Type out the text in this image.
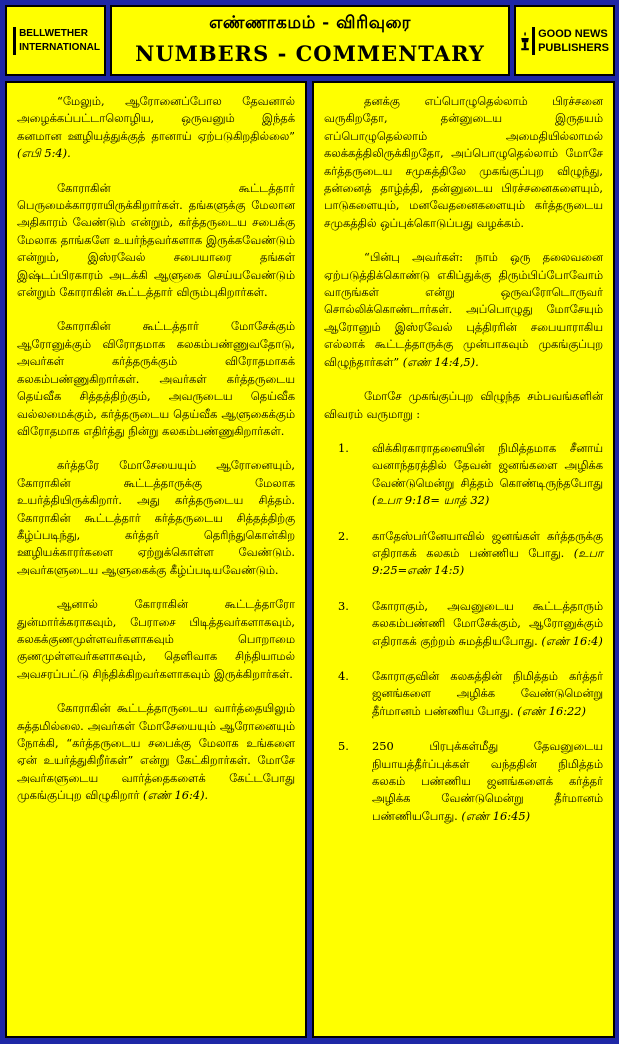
BELLWETHER
INTERNATIONAL
எண்ணாகமம் - விரிவுரை
NUMBERS - COMMENTARY
GOOD NEWS
PUBLISHERS

“மேலும், ஆரோனைப்போல தேவனால் அழைக்கப்பட்டாலொழிய, ஒருவனும் இந்தக் கனமான ஊழியத்துக்குத் தானாய் ஏற்படுகிறதில்லை” (எபி 5:4).

கோராகின் கூட்டத்தார் பெருமைக்காரராயிருக்கிறார்கள். தங்களுக்கு மேலான அதிகாரம் வேண்டும் என்றும், கர்த்தருடைய சபைக்கு மேலாக தாங்களே உயர்ந்தவர்களாக இருக்கவேண்டும் என்றும், இஸ்ரவேல் சபையாரை தங்கள் இஷ்டப்பிரகாரம் அடக்கி ஆளுகை செய்யவேண்டும் என்றும் கோராகின் கூட்டத்தார் விரும்புகிறார்கள்.

கோராகின் கூட்டத்தார் மோசேக்கும் ஆரோனுக்கும் விரோதமாக கலகம்பண்ணுவதோடு, அவர்கள் கர்த்தருக்கும் விரோதமாகக் கலகம்பண்ணுகிறார்கள். அவர்கள் கர்த்தருடைய தெய்வீக சித்தத்திற்கும், அவருடைய தெய்வீக வல்லமைக்கும், கர்த்தருடைய தெய்வீக ஆளுகைக்கும் விரோதமாக எதிர்த்து நின்று கலகம்பண்ணுகிறார்கள்.

கர்த்தரே மோசேயையும் ஆரோனையும், கோராகின் கூட்டத்தாருக்கு மேலாக உயர்த்தியிருக்கிறார். அது கர்த்தருடைய சித்தம். கோராகின் கூட்டத்தார் கர்த்தருடைய சித்தத்திற்கு கீழ்ப்படிந்து, கர்த்தர் தெரிந்துகொள்கிற ஊழியக்காரர்களை ஏற்றுக்கொள்ள வேண்டும். அவர்களுடைய ஆளுகைக்கு கீழ்ப்படியவேண்டும்.

ஆனால் கோராகின் கூட்டத்தாரோ துன்மார்க்கராகவும், பேராசை பிடித்தவர்களாகவும், கலகக்குணமுள்ளவர்களாகவும் பொறாமை குணமுள்ளவர்களாகவும், தெளிவாக சிந்தியாமல் அவசரப்பட்டு சிந்திக்கிறவர்களாகவும் இருக்கிறார்கள்.

கோராகின் கூட்டத்தாருடைய வார்த்தையிலும் சுத்தமில்லை. அவர்கள் மோசேயையும் ஆரோனையும் நோக்கி, “கர்த்தருடைய சபைக்கு மேலாக உங்களை ஏன் உயர்த்துகிறீர்கள்” என்று கேட்கிறார்கள். மோசே அவர்களுடைய வார்த்தைகளைக் கேட்டபோது முகங்குப்புற விழுகிறார் (எண் 16:4).

தனக்கு எப்பொழுதெல்லாம் பிரச்சனை வருகிறதோ, தன்னுடைய இருதயம் எப்பொழுதெல்லாம் அமைதியில்லாமல் கலக்கத்திலிருக்கிறதோ, அப்பொழுதெல்லாம் மோசே கர்த்தருடைய சமுகத்திலே முகங்குப்புற விழுந்து, தன்னைத் தாழ்த்தி, தன்னுடைய பிரச்சனைகளையும், பாடுகளையும், மனவேதனைகளையும் கர்த்தருடைய சமுகத்தில் ஒப்புக்கொடுப்பது வழக்கம்.

“பின்பு அவர்கள்: நாம் ஒரு தலைவனை ஏற்படுத்திக்கொண்டு எகிப்துக்கு திரும்பிப்போவோம் வாருங்கள் என்று ஒருவரோடொருவர் சொல்லிக்கொண்டார்கள். அப்பொழுது மோசேயும் ஆரோனும் இஸ்ரவேல் புத்திரரின் சபையாராகிய எல்லாக் கூட்டத்தாருக்கு முன்பாகவும் முகங்குப்புற விழுந்தார்கள்” (எண் 14:4,5).

மோசே முகங்குப்புற விழுந்த சம்பவங்களின் விவரம் வருமாறு :

1.	விக்கிரகாராதனையின் நிமித்தமாக சீனாய் வனாந்தரத்தில் தேவன் ஜனங்களை அழிக்க வேண்டுமென்று சித்தம் கொண்டிருந்தபோது (உபா 9:18= யாத் 32)
2.	காதேஸ்பர்னேயாவில் ஜனங்கள் கர்த்தருக்கு எதிராகக் கலகம் பண்ணிய போது. (உபா 9:25=எண் 14:5)
3.	கோராகும், அவனுடைய கூட்டத்தாரும் கலகம்பண்ணி மோசேக்கும், ஆரோனுக்கும் எதிராகக் குற்றம் சுமத்தியபோது. (எண் 16:4)
4.	கோராகுவின் கலகத்தின் நிமித்தம் கர்த்தர் ஜனங்களை அழிக்க வேண்டுமென்று தீர்மானம் பண்ணிய போது. (எண் 16:22)
5.	250 பிரபுக்கள்மீது தேவனுடைய நியாயத்தீர்ப்புக்கள் வந்ததின் நிமித்தம் கலகம் பண்ணிய ஜனங்களைக் கர்த்தர் அழிக்க வேண்டுமென்று தீர்மானம் பண்ணியபோது. (எண் 16:45)
